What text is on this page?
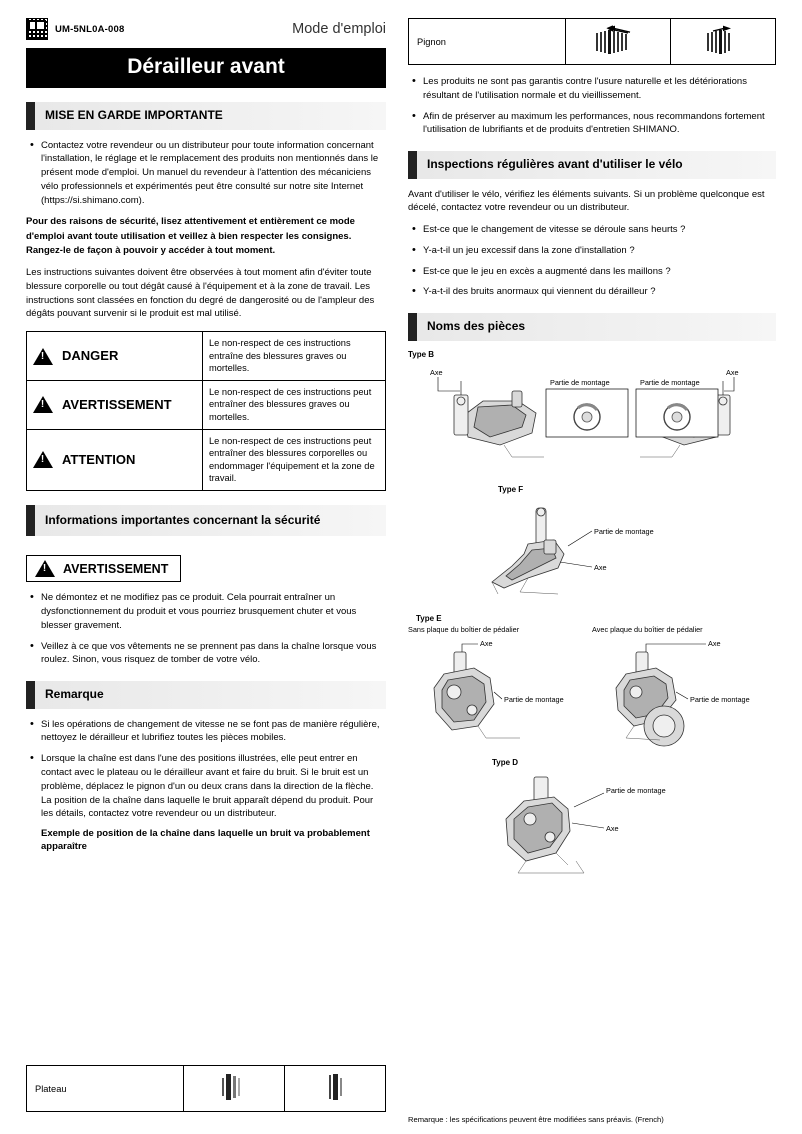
UM-5NL0A-008	Mode d'emploi
Dérailleur avant
MISE EN GARDE IMPORTANTE
• Contactez votre revendeur ou un distributeur pour toute information concernant l'installation, le réglage et le remplacement des produits non mentionnés dans le présent mode d'emploi. Un manuel du revendeur à l'attention des mécaniciens vélo professionnels et expérimentés peut être consulté sur notre site Internet (https://si.shimano.com).

Pour des raisons de sécurité, lisez attentivement et entièrement ce mode d'emploi avant toute utilisation et veillez à bien respecter les consignes. Rangez-le de façon à pouvoir y accéder à tout moment.

Les instructions suivantes doivent être observées à tout moment afin d'éviter toute blessure corporelle ou tout dégât causé à l'équipement et à la zone de travail. Les instructions sont classées en fonction du degré de dangerosité ou de l'ampleur des dégâts pouvant survenir si le produit est mal utilisé.

!
DANGER	Le non-respect de ces instructions entraîne des blessures graves ou mortelles.

!
AVERTISSEMENT	Le non-respect de ces instructions peut entraîner des blessures graves ou mortelles.

!
ATTENTION	Le non-respect de ces instructions peut entraîner des blessures corporelles ou endommager l'équipement et la zone de travail.
Informations importantes concernant la sécurité
!
AVERTISSEMENT
• Ne démontez et ne modifiez pas ce produit. Cela pourrait entraîner un dysfonctionnement du produit et vous pourriez brusquement chuter et vous blesser gravement.
• Veillez à ce que vos vêtements ne se prennent pas dans la chaîne lorsque vous roulez. Sinon, vous risquez de tomber de votre vélo.
Remarque
• Si les opérations de changement de vitesse ne se font pas de manière régulière, nettoyez le dérailleur et lubrifiez toutes les pièces mobiles.
• Lorsque la chaîne est dans l'une des positions illustrées, elle peut entrer en contact avec le plateau ou le dérailleur avant et faire du bruit. Si le bruit est un problème, déplacez le pignon d'un ou deux crans dans la direction de la flèche. La position de la chaîne dans laquelle le bruit apparaît dépend du produit. Pour les détails, contactez votre revendeur ou un distributeur.
Exemple de position de la chaîne dans laquelle un bruit va probablement apparaître
Plateau	

Pignon	

• Les produits ne sont pas garantis contre l'usure naturelle et les détériorations résultant de l'utilisation normale et du vieillissement.
• Afin de préserver au maximum les performances, nous recommandons fortement l'utilisation de lubrifiants et de produits d'entretien SHIMANO.
Inspections régulières avant d'utiliser le vélo

Avant d'utiliser le vélo, vérifiez les éléments suivants. Si un problème quelconque est décelé, contactez votre revendeur ou un distributeur.

• Est-ce que le changement de vitesse se déroule sans heurts ?
• Y-a-t-il un jeu excessif dans la zone d'installation ?
• Est-ce que le jeu en excès a augmenté dans les maillons ?
• Y-a-t-il des bruits anormaux qui viennent du dérailleur ?
Noms des pièces
Type B
Axe
Partie de montage
Axe
Partie de montage
Type F
Partie de montage
Axe
Type E
Sans plaque du boîtier de pédalier	Avec plaque du boîtier de pédalier
Axe
Partie de montage
Axe
Partie de montage
Type D
Partie de montage
Axe
Remarque : les spécifications peuvent être modifiées sans préavis. (French)
